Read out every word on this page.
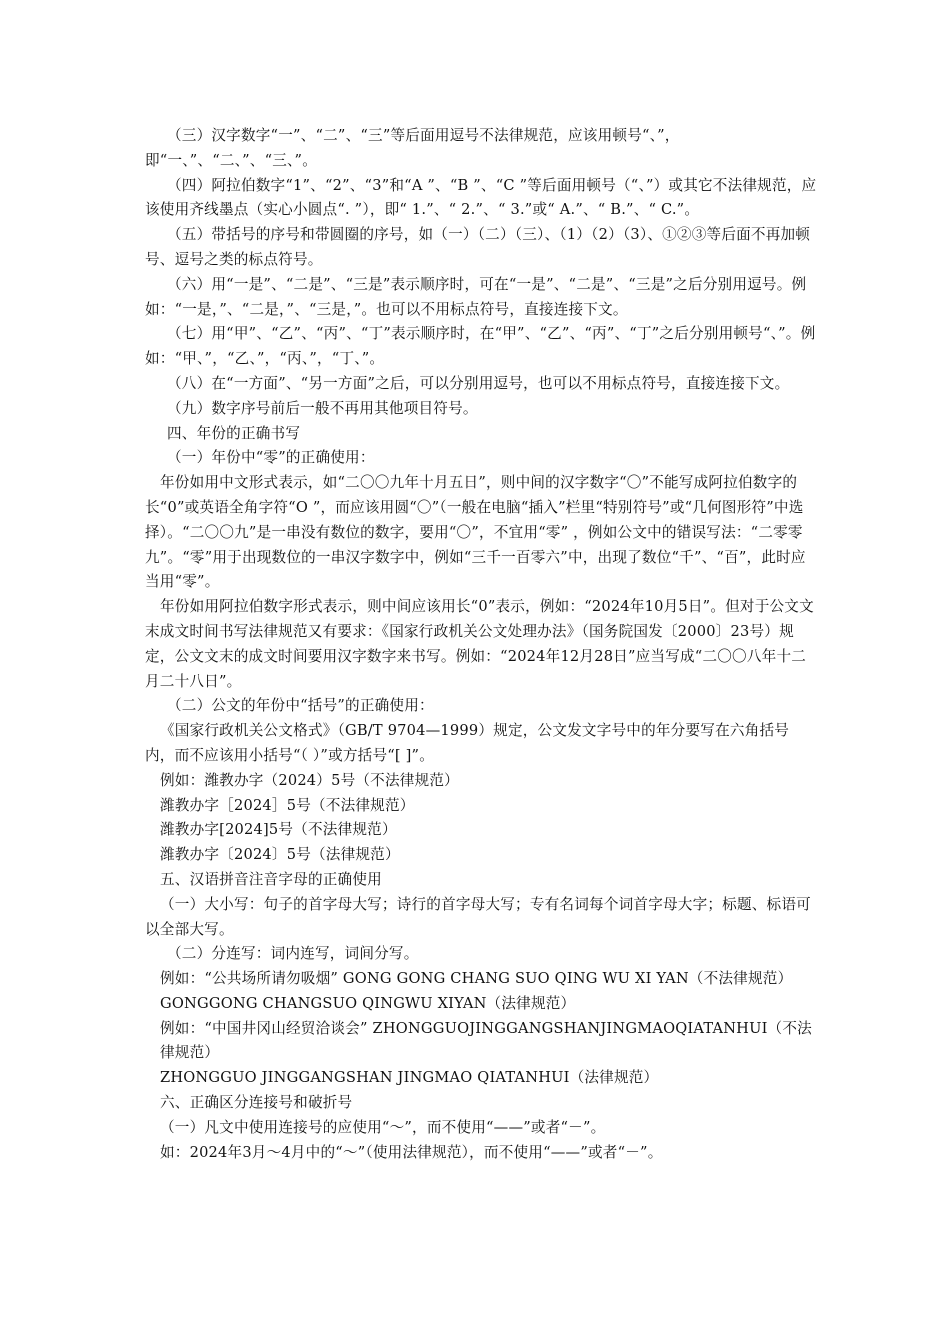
（三）汉字数字“一”、“二”、“三”等后面用逗号不法律规范，应该用顿号“、”，即“一、”、“二、”、“三、”。

（四）阿拉伯数字“1”、“2”、“3”和“A ”、“B ”、“C ”等后面用顿号（“、”）或其它不法律规范，应该使用齐线墨点（实心小圆点“. ”），即“ 1.”、“ 2.”、“ 3.”或“ A.”、“ B.”、“ C.”。

（五）带括号的序号和带圆圈的序号，如（一）（二）（三）、（1）（2）（3）、①②③等后面不再加顿号、逗号之类的标点符号。

（六）用“一是”、“二是”、“三是”表示顺序时，可在“一是”、“二是”、“三是”之后分别用逗号。例如：“一是，”、“二是，”、“三是，”。也可以不用标点符号，直接连接下文。

（七）用“甲”、“乙”、“丙”、“丁”表示顺序时，在“甲”、“乙”、“丙”、“丁”之后分别用顿号“、”。例如：“甲、”，“乙、”，“丙、”，“丁、”。

（八）在“一方面”、“另一方面”之后，可以分别用逗号，也可以不用标点符号，直接连接下文。

（九）数字序号前后一般不再用其他项目符号。

四、年份的正确书写

（一）年份中“零”的正确使用：

年份如用中文形式表示，如“二〇〇九年十月五日”，则中间的汉字数字“〇”不能写成阿拉伯数字的长“0”或英语全角字符“O ”，而应该用圆“〇”（一般在电脑“插入”栏里“特别符号”或“几何图形符”中选择）。“二〇〇九”是一串没有数位的数字，要用“〇”，不宜用“零” ，例如公文中的错误写法：“二零零九”。“零”用于出现数位的一串汉字数字中，例如“三千一百零六”中，出现了数位“千”、“百”，此时应当用“零”。

年份如用阿拉伯数字形式表示，则中间应该用长“0”表示，例如：“2024年10月5日”。但对于公文文末成文时间书写法律规范又有要求：《国家行政机关公文处理办法》（国务院国发〔2000〕23号）规定，公文文末的成文时间要用汉字数字来书写。例如：“2024年12月28日”应当写成“二〇〇八年十二月二十八日”。

（二）公文的年份中“括号”的正确使用：

《国家行政机关公文格式》（GB/T 9704—1999）规定，公文发文字号中的年分要写在六角括号内，而不应该用小括号“（ ）”或方括号“[ ]”。

例如：潍教办字（2024）5号（不法律规范）

潍教办字［2024］5号（不法律规范）

潍教办字[2024]5号（不法律规范）

潍教办字〔2024〕5号（法律规范）

五、汉语拼音注音字母的正确使用

（一）大小写：句子的首字母大写；诗行的首字母大写；专有名词每个词首字母大字；标题、标语可以全部大写。

（二）分连写：词内连写，词间分写。

例如：“公共场所请勿吸烟” GONG GONG CHANG SUO QING WU XI YAN（不法律规范）

GONGGONG CHANGSUO QINGWU XIYAN（法律规范）

例如：“中国井冈山经贸洽谈会” ZHONGGUOJINGGANGSHANJINGMAOQIATANHUI（不法律规范）

ZHONGGUO JINGGANGSHAN JINGMAO QIATANHUI（法律规范）

六、正确区分连接号和破折号

（一）凡文中使用连接号的应使用“～”，而不使用“——”或者“－”。

如：2024年3月～4月中的“～”（使用法律规范），而不使用“——”或者“－”。
